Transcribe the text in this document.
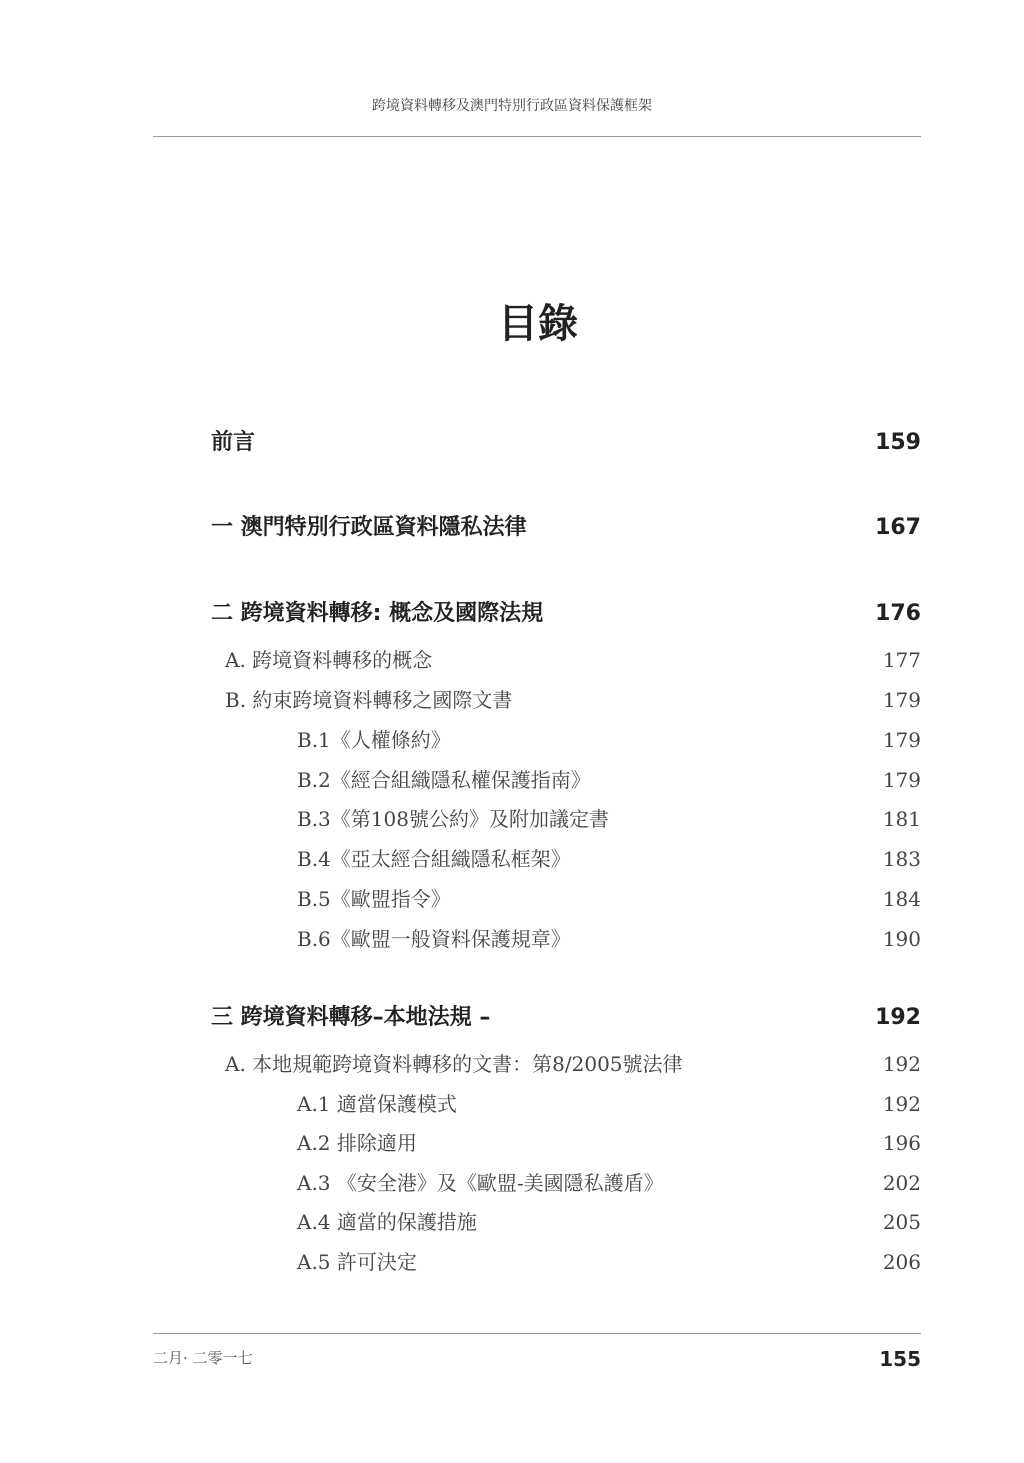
跨境資料轉移及澳門特別行政區資料保護框架
目錄
前言	159
一 澳門特別行政區資料隱私法律	167
二 跨境資料轉移: 概念及國際法規	176
A. 跨境資料轉移的概念	177
B. 約束跨境資料轉移之國際文書	179
B.1《人權條約》	179
B.2《經合組織隱私權保護指南》	179
B.3《第108號公約》及附加議定書	181
B.4《亞太經合組織隱私框架》	183
B.5《歐盟指令》	184
B.6《歐盟一般資料保護規章》	190
三 跨境資料轉移–本地法規 –	192
A. 本地規範跨境資料轉移的文書：第8/2005號法律	192
A.1 適當保護模式	192
A.2 排除適用	196
A.3 《安全港》及《歐盟-美國隱私護盾》	202
A.4 適當的保護措施	205
A.5 許可決定	206
二月· 二零一七	155
